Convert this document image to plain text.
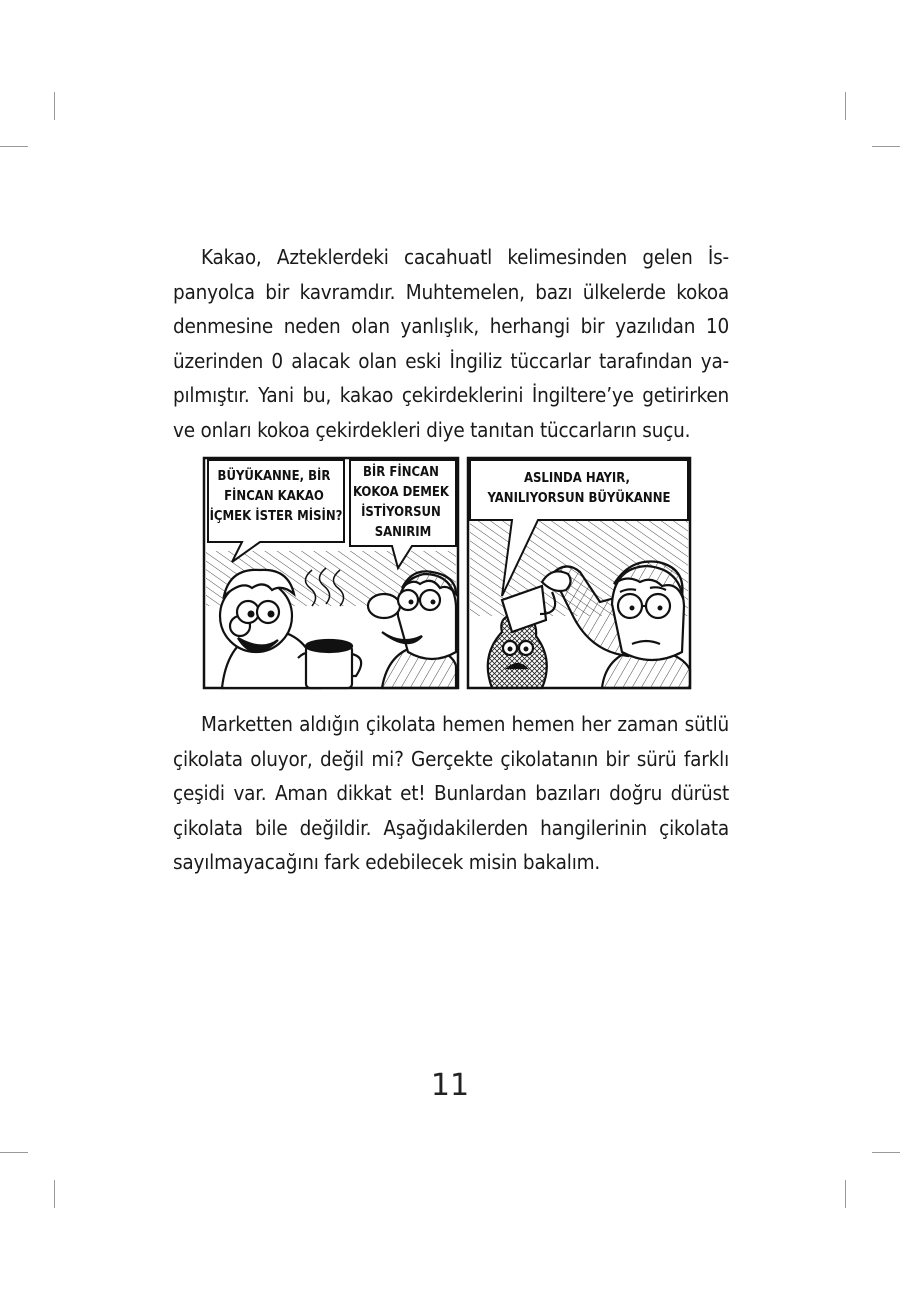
Kakao, Azteklerdeki cacahuatl kelimesinden gelen İs-
panyolca bir kavramdır. Muhtemelen, bazı ülkelerde kokoa
denmesine neden olan yanlışlık, herhangi bir yazılıdan 10
üzerinden 0 alacak olan eski İngiliz tüccarlar tarafından ya-
pılmıştır. Yani bu, kakao çekirdeklerini İngiltere’ye getirirken
ve onları kokoa çekirdekleri diye tanıtan tüccarların suçu.

BÜYÜKANNE, BİR FİNCAN KAKAO İÇMEK İSTER MİSİN?
BİR FİNCAN KOKOA DEMEK İSTİYORSUN SANIRIM
ASLINDA HAYIR, YANILIYORSUN BÜYÜKANNE

Marketten aldığın çikolata hemen hemen her zaman sütlü
çikolata oluyor, değil mi? Gerçekte çikolatanın bir sürü farklı
çeşidi var. Aman dikkat et! Bunlardan bazıları doğru dürüst
çikolata bile değildir. Aşağıdakilerden hangilerinin çikolata
sayılmayacağını fark edebilecek misin bakalım.

11
